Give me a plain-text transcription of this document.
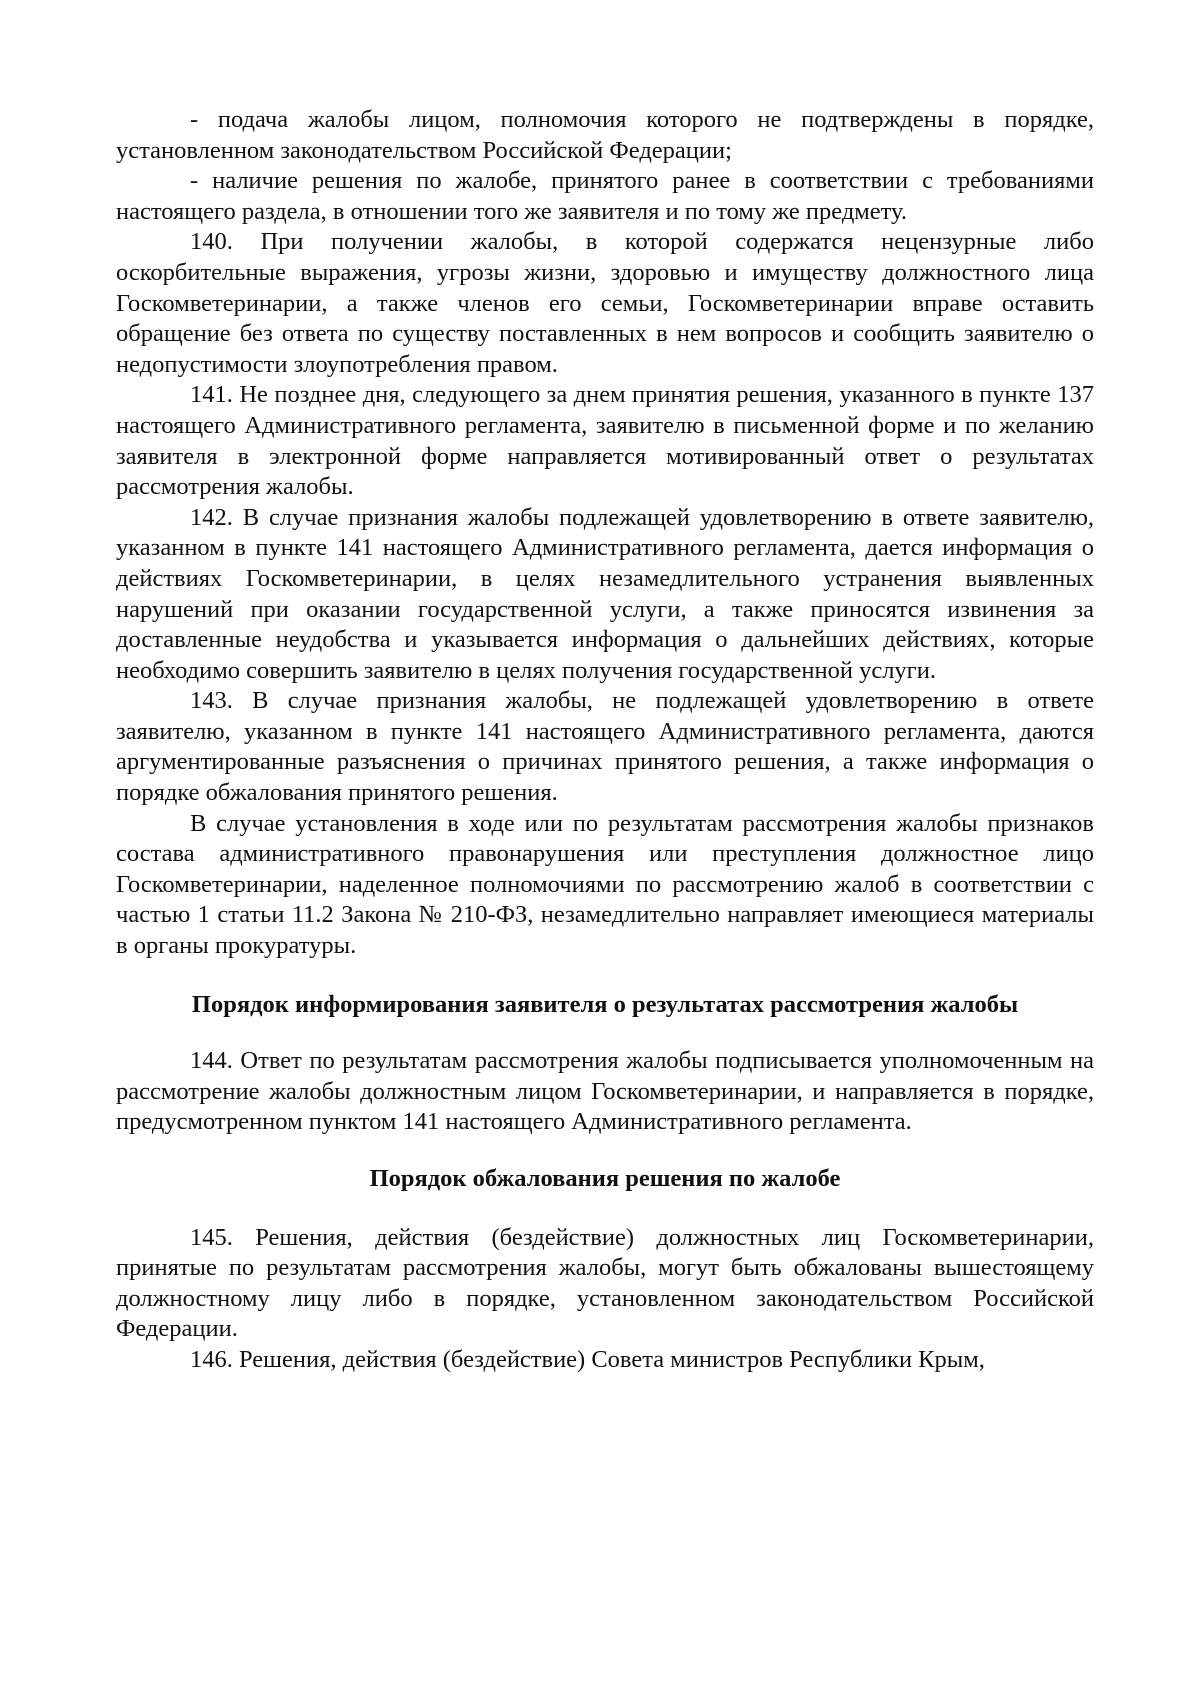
- подача жалобы лицом, полномочия которого не подтверждены в порядке, установленном законодательством Российской Федерации;

- наличие решения по жалобе, принятого ранее в соответствии с требованиями настоящего раздела, в отношении того же заявителя и по тому же предмету.

140. При получении жалобы, в которой содержатся нецензурные либо оскорбительные выражения, угрозы жизни, здоровью и имуществу должностного лица Госкомветеринарии, а также членов его семьи, Госкомветеринарии вправе оставить обращение без ответа по существу поставленных в нем вопросов и сообщить заявителю о недопустимости злоупотребления правом.

141. Не позднее дня, следующего за днем принятия решения, указанного в пункте 137 настоящего Административного регламента, заявителю в письменной форме и по желанию заявителя в электронной форме направляется мотивированный ответ о результатах рассмотрения жалобы.

142. В случае признания жалобы подлежащей удовлетворению в ответе заявителю, указанном в пункте 141 настоящего Административного регламента, дается информация о действиях Госкомветеринарии, в целях незамедлительного устранения выявленных нарушений при оказании государственной услуги, а также приносятся извинения за доставленные неудобства и указывается информация о дальнейших действиях, которые необходимо совершить заявителю в целях получения государственной услуги.

143. В случае признания жалобы, не подлежащей удовлетворению в ответе заявителю, указанном в пункте 141 настоящего Административного регламента, даются аргументированные разъяснения о причинах принятого решения, а также информация о порядке обжалования принятого решения.

В случае установления в ходе или по результатам рассмотрения жалобы признаков состава административного правонарушения или преступления должностное лицо Госкомветеринарии, наделенное полномочиями по рассмотрению жалоб в соответствии с частью 1 статьи 11.2 Закона № 210-ФЗ, незамедлительно направляет имеющиеся материалы в органы прокуратуры.

Порядок информирования заявителя о результатах рассмотрения жалобы

144. Ответ по результатам рассмотрения жалобы подписывается уполномоченным на рассмотрение жалобы должностным лицом Госкомветеринарии, и направляется в порядке, предусмотренном пунктом 141 настоящего Административного регламента.

Порядок обжалования решения по жалобе

145. Решения, действия (бездействие) должностных лиц Госкомветеринарии, принятые по результатам рассмотрения жалобы, могут быть обжалованы вышестоящему должностному лицу либо в порядке, установленном законодательством Российской Федерации.

146. Решения, действия (бездействие) Совета министров Республики Крым,
